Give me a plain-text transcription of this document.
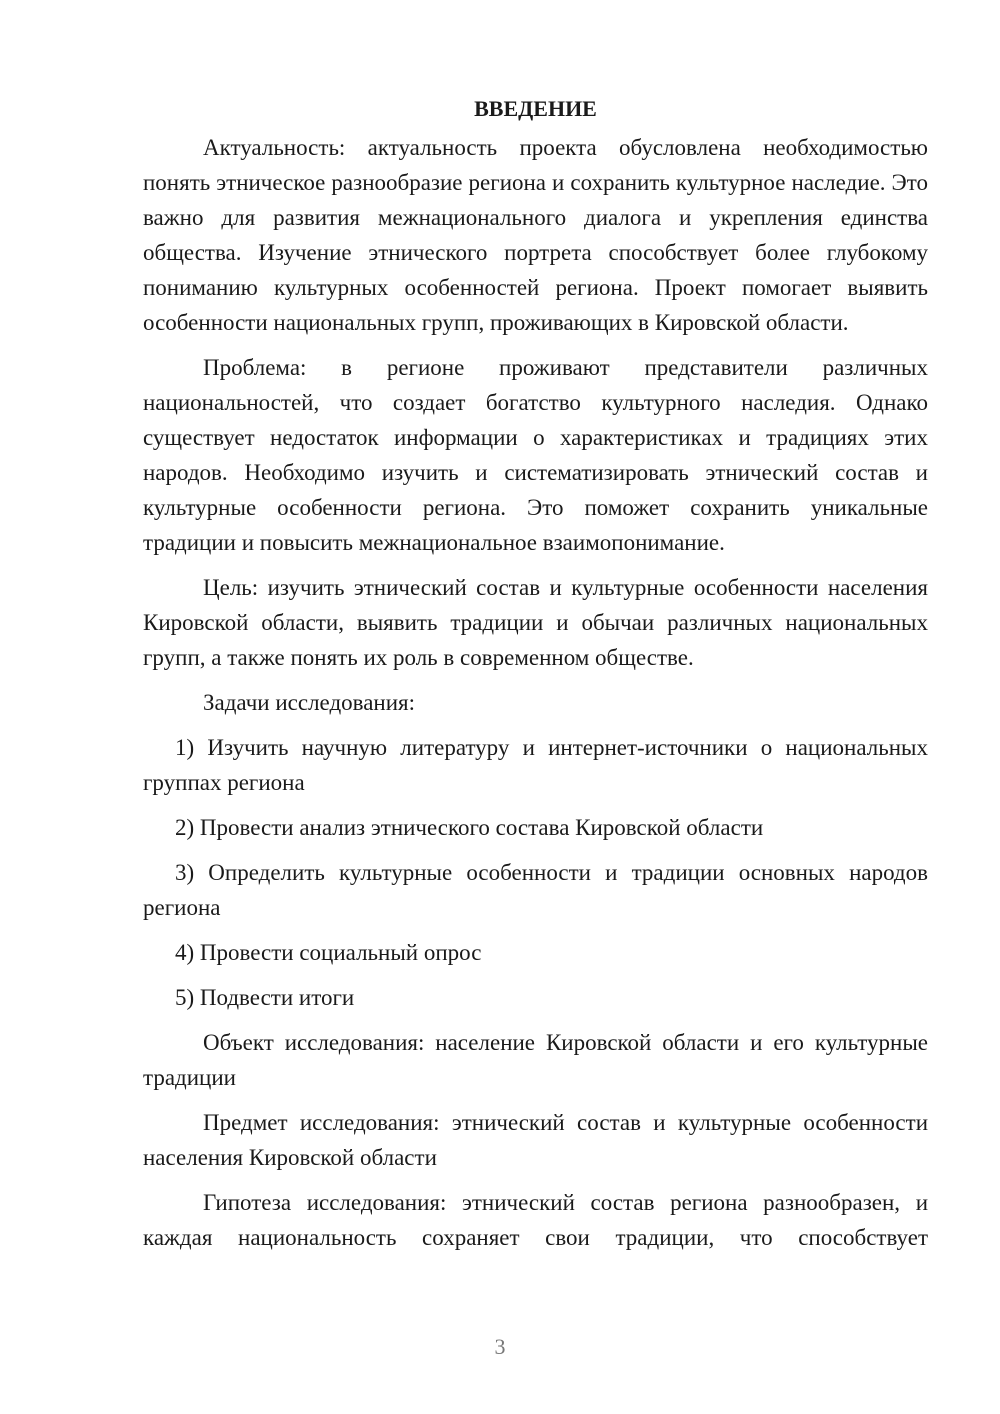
ВВЕДЕНИЕ

Актуальность: актуальность проекта обусловлена необходимостью понять этническое разнообразие региона и сохранить культурное наследие. Это важно для развития межнационального диалога и укрепления единства общества. Изучение этнического портрета способствует более глубокому пониманию культурных особенностей региона. Проект помогает выявить особенности национальных групп, проживающих в Кировской области.

Проблема: в регионе проживают представители различных национальностей, что создает богатство культурного наследия. Однако существует недостаток информации о характеристиках и традициях этих народов. Необходимо изучить и систематизировать этнический состав и культурные особенности региона. Это поможет сохранить уникальные традиции и повысить межнациональное взаимопонимание.

Цель: изучить этнический состав и культурные особенности населения Кировской области, выявить традиции и обычаи различных национальных групп, а также понять их роль в современном обществе.

Задачи исследования:

1) Изучить научную литературу и интернет-источники о национальных группах региона

2) Провести анализ этнического состава Кировской области

3) Определить культурные особенности и традиции основных народов региона

4) Провести социальный опрос

5) Подвести итоги

Объект исследования: население Кировской области и его культурные традиции

Предмет исследования: этнический состав и культурные особенности населения Кировской области

Гипотеза исследования: этнический состав региона разнообразен, и каждая национальность сохраняет свои традиции, что способствует

3
